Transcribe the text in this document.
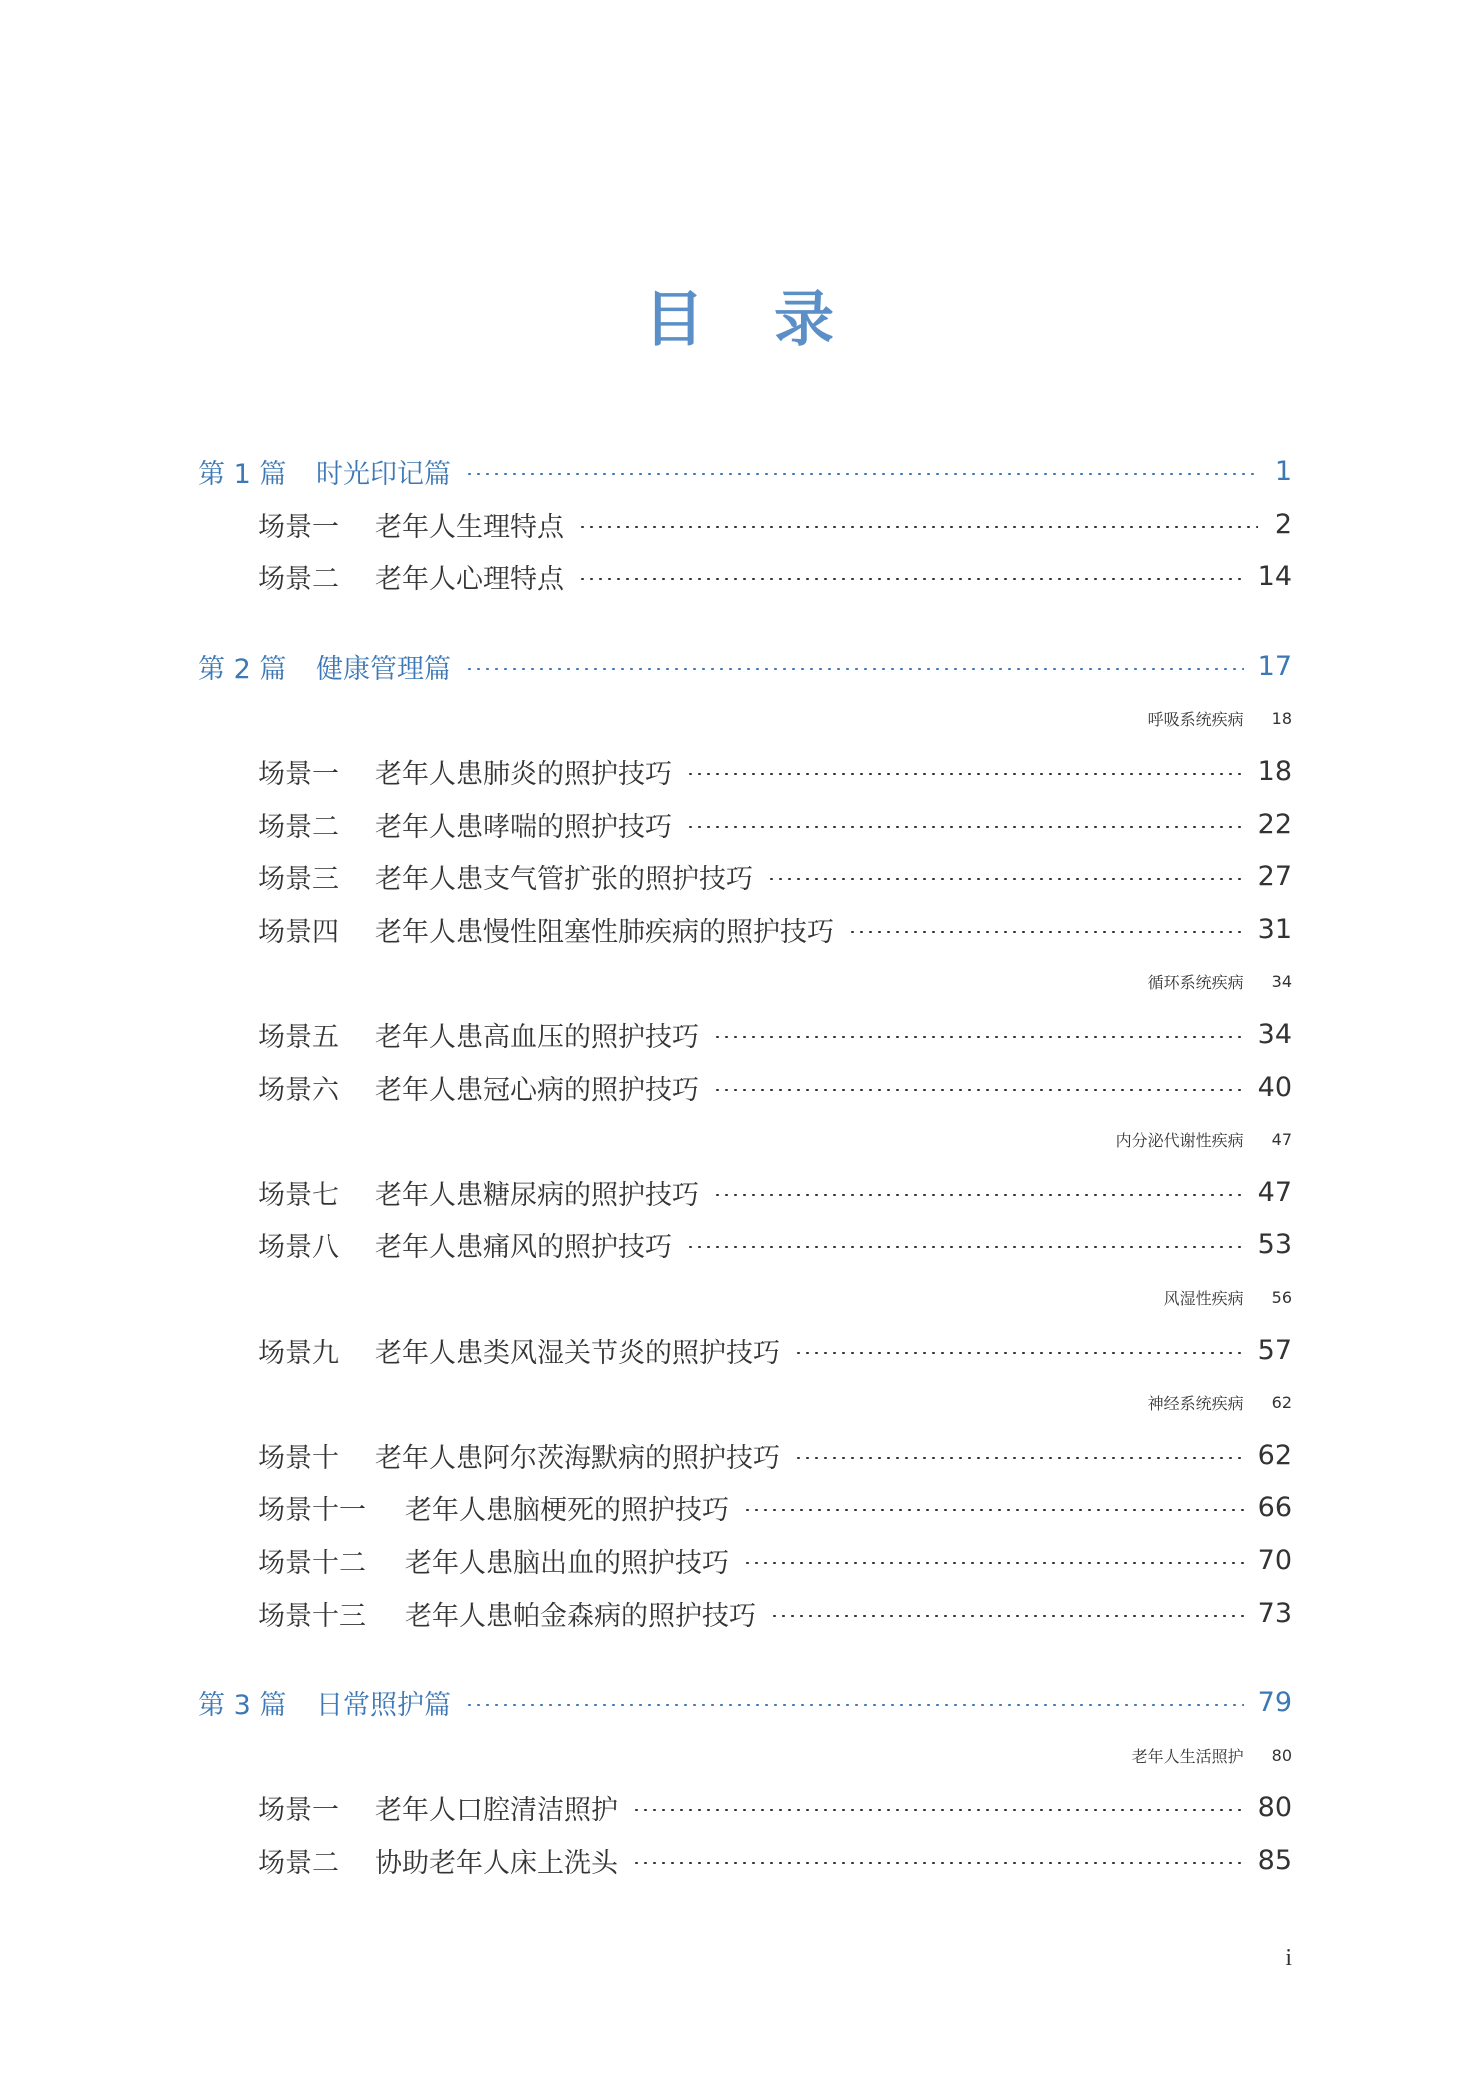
目录
第 1 篇 时光印记篇	1
场景一 老年人生理特点	2
场景二 老年人心理特点	14
第 2 篇 健康管理篇	17
呼吸系统疾病 18
场景一 老年人患肺炎的照护技巧	18
场景二 老年人患哮喘的照护技巧	22
场景三 老年人患支气管扩张的照护技巧	27
场景四 老年人患慢性阻塞性肺疾病的照护技巧	31
循环系统疾病 34
场景五 老年人患高血压的照护技巧	34
场景六 老年人患冠心病的照护技巧	40
内分泌代谢性疾病 47
场景七 老年人患糖尿病的照护技巧	47
场景八 老年人患痛风的照护技巧	53
风湿性疾病 56
场景九 老年人患类风湿关节炎的照护技巧	57
神经系统疾病 62
场景十 老年人患阿尔茨海默病的照护技巧	62
场景十一 老年人患脑梗死的照护技巧	66
场景十二 老年人患脑出血的照护技巧	70
场景十三 老年人患帕金森病的照护技巧	73
第 3 篇 日常照护篇	79
老年人生活照护 80
场景一 老年人口腔清洁照护	80
场景二 协助老年人床上洗头	85
i
